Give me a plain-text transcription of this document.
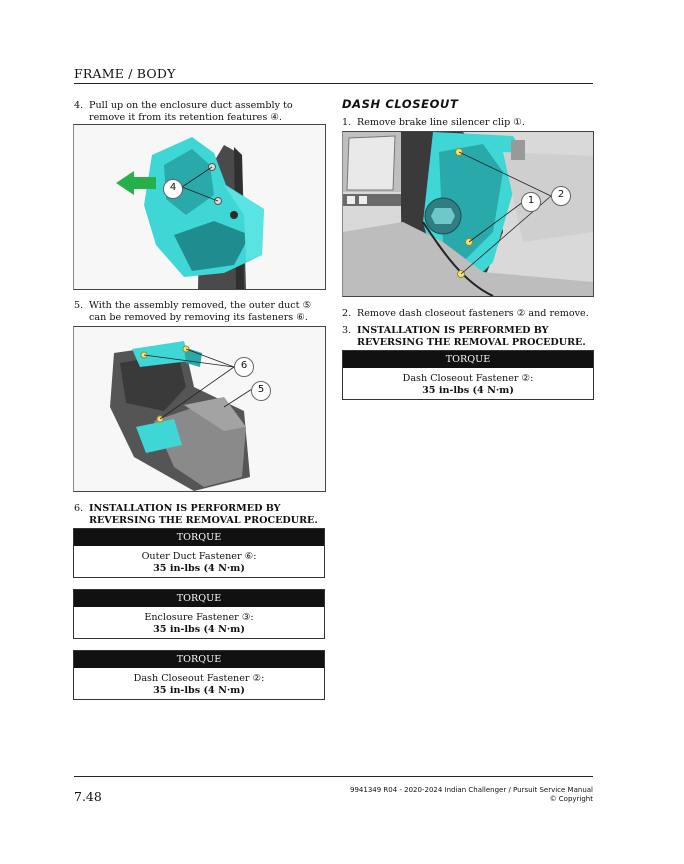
FRAME / BODY
4. Pull up on the enclosure duct assembly to remove it from its retention features ④.
4
5. With the assembly removed, the outer duct ⑤ can be removed by removing its fasteners ⑥.
6
5
6. INSTALLATION IS PERFORMED BY REVERSING THE REMOVAL PROCEDURE.
TORQUE
Outer Duct Fastener ⑥:
35 in-lbs (4 N·m)
TORQUE
Enclosure Fastener ③:
35 in-lbs (4 N·m)
TORQUE
Dash Closeout Fastener ②:
35 in-lbs (4 N·m)
DASH CLOSEOUT
1. Remove brake line silencer clip ①.
2
1
2. Remove dash closeout fasteners ② and remove.
3. INSTALLATION IS PERFORMED BY REVERSING THE REMOVAL PROCEDURE.
TORQUE
Dash Closeout Fastener ②:
35 in-lbs (4 N·m)
7.48	9941349 R04 - 2020-2024 Indian Challenger / Pursuit Service Manual
© Copyright
